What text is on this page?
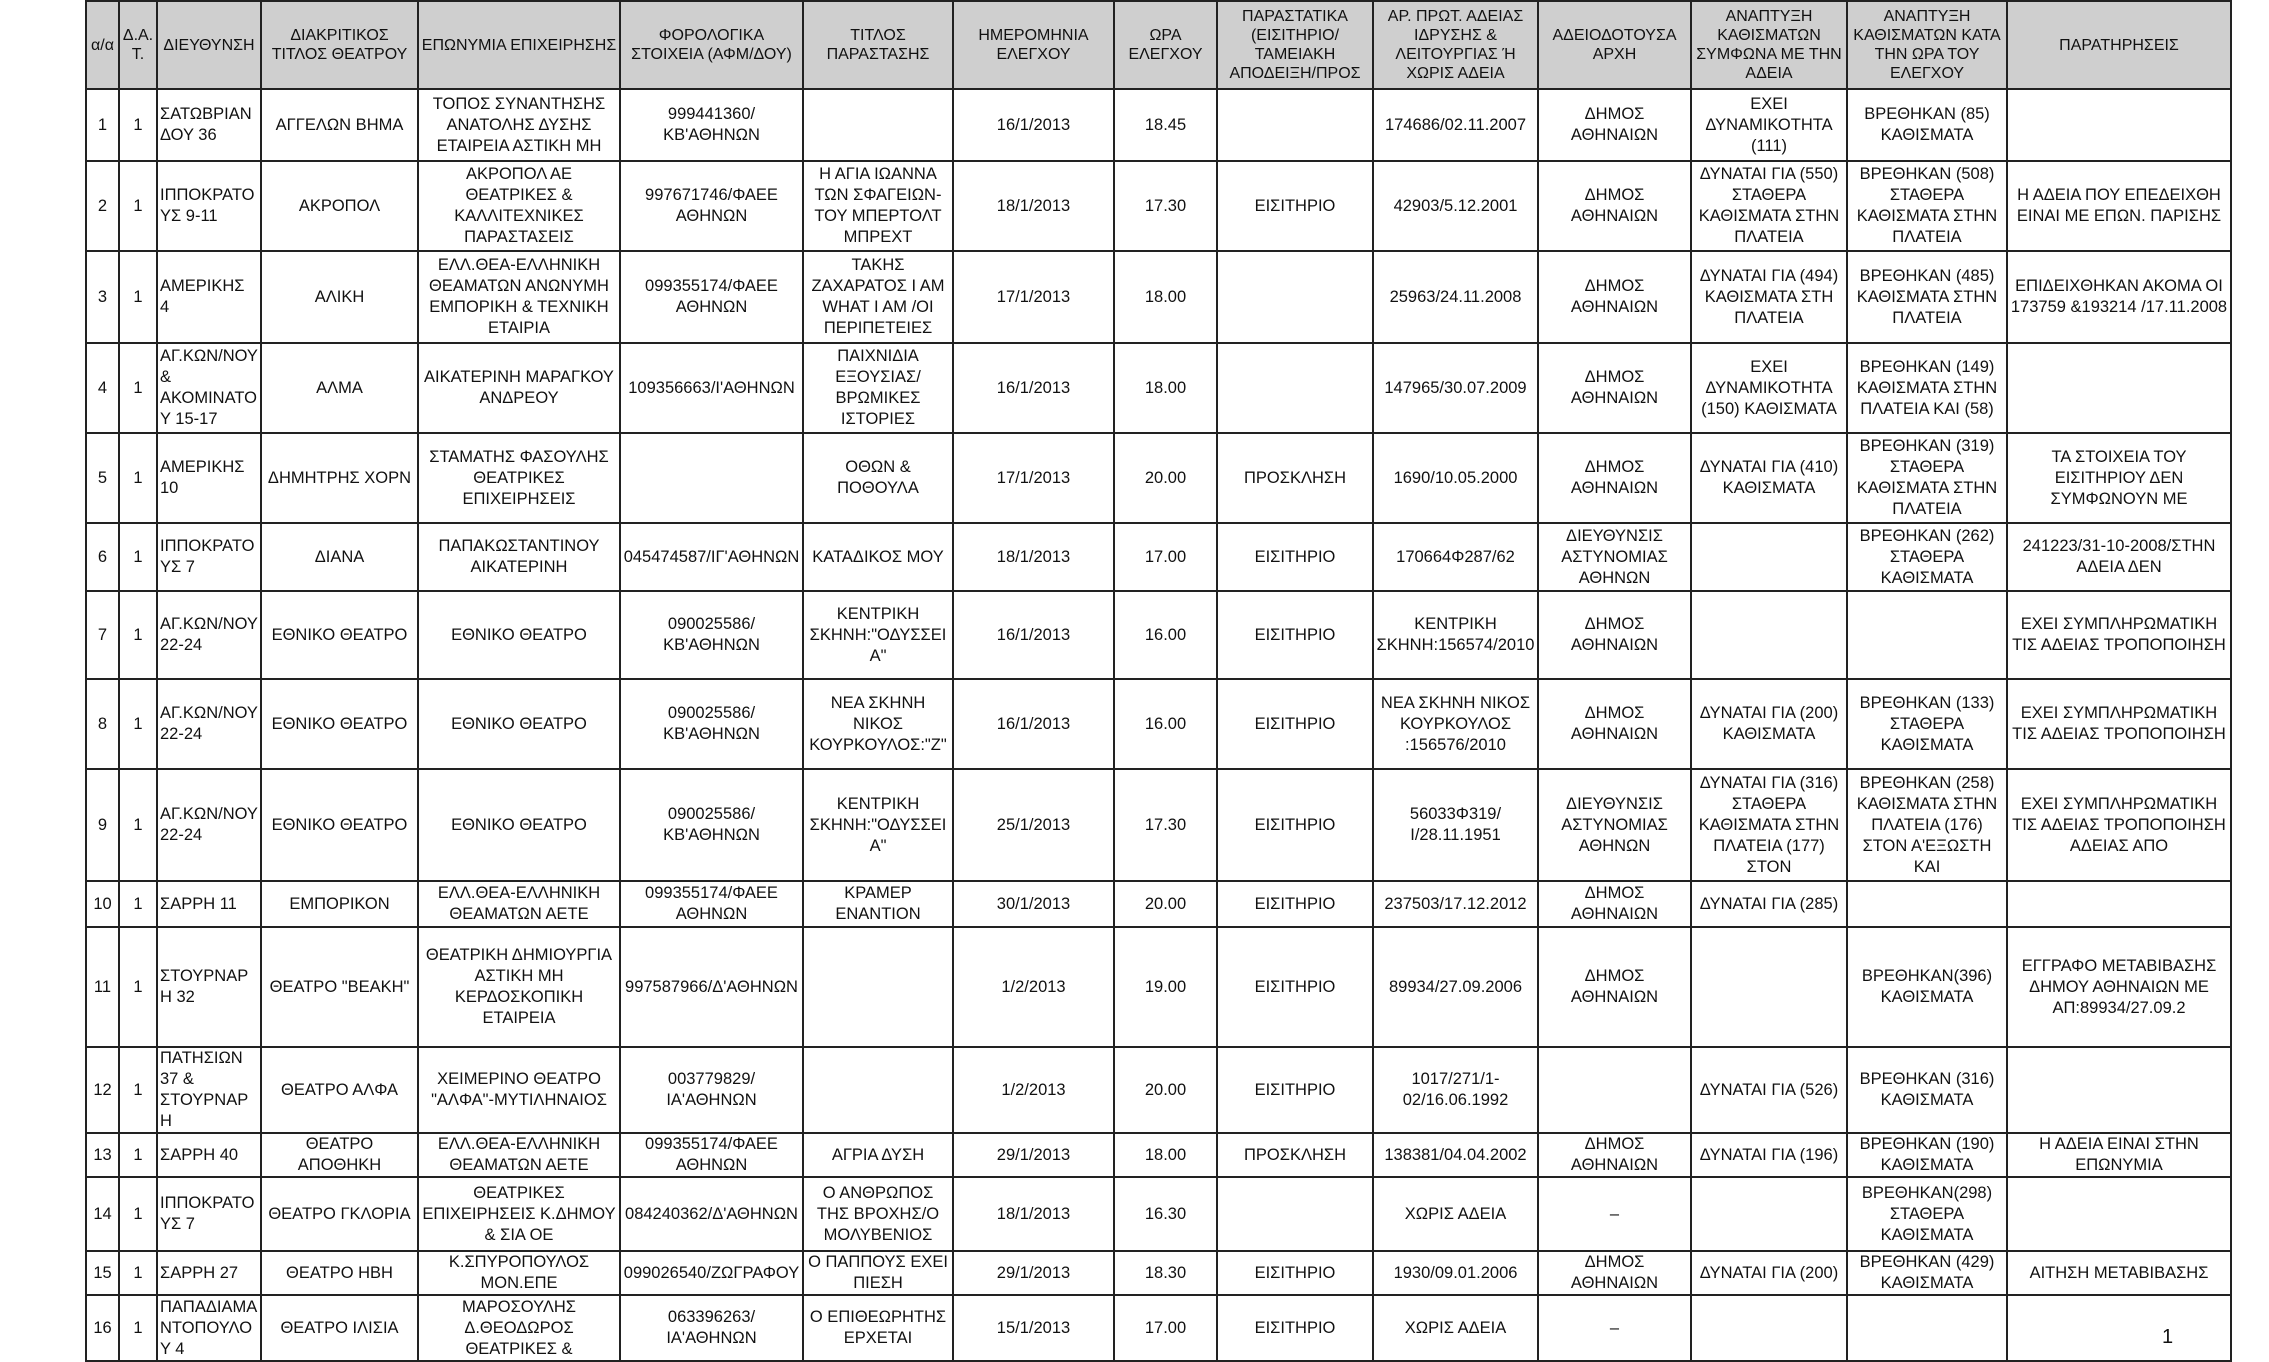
α/α	Δ.Α.Τ.	ΔΙΕΥΘΥΝΣΗ	ΔΙΑΚΡΙΤΙΚΟΣ ΤΙΤΛΟΣ ΘΕΑΤΡΟΥ	ΕΠΩΝΥΜΙΑ ΕΠΙΧΕΙΡΗΣΗΣ	ΦΟΡΟΛΟΓΙΚΑ ΣΤΟΙΧΕΙΑ (ΑΦΜ/ΔΟΥ)	ΤΙΤΛΟΣ ΠΑΡΑΣΤΑΣΗΣ	ΗΜΕΡΟΜΗΝΙΑ ΕΛΕΓΧΟΥ	ΩΡΑ ΕΛΕΓΧΟΥ	ΠΑΡΑΣΤΑΤΙΚΑ (ΕΙΣΙΤΗΡΙΟ/ΤΑΜΕΙΑΚΗ ΑΠΟΔΕΙΞΗ/ΠΡΟΣ	ΑΡ. ΠΡΩΤ. ΑΔΕΙΑΣ ΙΔΡΥΣΗΣ & ΛΕΙΤΟΥΡΓΙΑΣ Ή ΧΩΡΙΣ ΑΔΕΙΑ	ΑΔΕΙΟΔΟΤΟΥΣΑ ΑΡΧΗ	ΑΝΑΠΤΥΞΗ ΚΑΘΙΣΜΑΤΩΝ ΣΥΜΦΩΝΑ ΜΕ ΤΗΝ ΑΔΕΙΑ	ΑΝΑΠΤΥΞΗ ΚΑΘΙΣΜΑΤΩΝ ΚΑΤΑ ΤΗΝ ΩΡΑ ΤΟΥ ΕΛΕΓΧΟΥ	ΠΑΡΑΤΗΡΗΣΕΙΣ
1	1	ΣΑΤΩΒΡΙΑΝΔΟΥ 36	ΑΓΓΕΛΩΝ ΒΗΜΑ	ΤΟΠΟΣ ΣΥΝΑΝΤΗΣΗΣ ΑΝΑΤΟΛΗΣ ΔΥΣΗΣ ΕΤΑΙΡΕΙΑ ΑΣΤΙΚΗ ΜΗ	999441360/ΚΒ'ΑΘΗΝΩΝ		16/1/2013	18.45		174686/02.11.2007	ΔΗΜΟΣ ΑΘΗΝΑΙΩΝ	ΕΧΕΙ ΔΥΝΑΜΙΚΟΤΗΤΑ (111)	ΒΡΕΘΗΚΑΝ (85) ΚΑΘΙΣΜΑΤΑ	
2	1	ΙΠΠΟΚΡΑΤΟΥΣ 9-11	ΑΚΡΟΠΟΛ	ΑΚΡΟΠΟΛ ΑΕ ΘΕΑΤΡΙΚΕΣ & ΚΑΛΛΙΤΕΧΝΙΚΕΣ ΠΑΡΑΣΤΑΣΕΙΣ	997671746/ΦΑΕΕ ΑΘΗΝΩΝ	Η ΑΓΙΑ ΙΩΑΝΝΑ ΤΩΝ ΣΦΑΓΕΙΩΝ-ΤΟΥ ΜΠΕΡΤΟΛΤ ΜΠΡΕΧΤ	18/1/2013	17.30	ΕΙΣΙΤΗΡΙΟ	42903/5.12.2001	ΔΗΜΟΣ ΑΘΗΝΑΙΩΝ	ΔΥΝΑΤΑΙ ΓΙΑ (550) ΣΤΑΘΕΡΑ ΚΑΘΙΣΜΑΤΑ ΣΤΗΝ ΠΛΑΤΕΙΑ	ΒΡΕΘΗΚΑΝ (508) ΣΤΑΘΕΡΑ ΚΑΘΙΣΜΑΤΑ ΣΤΗΝ ΠΛΑΤΕΙΑ	Η ΑΔΕΙΑ ΠΟΥ ΕΠΕΔΕΙΧΘΗ ΕΙΝΑΙ ΜΕ ΕΠΩΝ. ΠΑΡΙΣΗΣ
3	1	ΑΜΕΡΙΚΗΣ 4	ΑΛΙΚΗ	ΕΛΛ.ΘΕΑ-ΕΛΛΗΝΙΚΗ ΘΕΑΜΑΤΩΝ ΑΝΩΝΥΜΗ ΕΜΠΟΡΙΚΗ & ΤΕΧΝΙΚΗ ΕΤΑΙΡΙΑ	099355174/ΦΑΕΕ ΑΘΗΝΩΝ	ΤΑΚΗΣ ΖΑΧΑΡΑΤΟΣ I AM WHAT I AM /ΟΙ ΠΕΡΙΠΕΤΕΙΕΣ	17/1/2013	18.00		25963/24.11.2008	ΔΗΜΟΣ ΑΘΗΝΑΙΩΝ	ΔΥΝΑΤΑΙ ΓΙΑ (494) ΚΑΘΙΣΜΑΤΑ ΣΤΗ ΠΛΑΤΕΙΑ	ΒΡΕΘΗΚΑΝ (485) ΚΑΘΙΣΜΑΤΑ ΣΤΗΝ ΠΛΑΤΕΙΑ	ΕΠΙΔΕΙΧΘΗΚΑΝ ΑΚΟΜΑ ΟΙ 173759 &193214 /17.11.2008
4	1	ΑΓ.ΚΩΝ/ΝΟΥ & ΑΚΟΜΙΝΑΤΟΥ 15-17	ΑΛΜΑ	ΑΙΚΑΤΕΡΙΝΗ ΜΑΡΑΓΚΟΥ ΑΝΔΡΕΟΥ	109356663/Ι'ΑΘΗΝΩΝ	ΠΑΙΧΝΙΔΙΑ ΕΞΟΥΣΙΑΣ/ΒΡΩΜΙΚΕΣ ΙΣΤΟΡΙΕΣ	16/1/2013	18.00		147965/30.07.2009	ΔΗΜΟΣ ΑΘΗΝΑΙΩΝ	ΕΧΕΙ ΔΥΝΑΜΙΚΟΤΗΤΑ (150) ΚΑΘΙΣΜΑΤΑ	ΒΡΕΘΗΚΑΝ (149) ΚΑΘΙΣΜΑΤΑ ΣΤΗΝ ΠΛΑΤΕΙΑ ΚΑΙ (58)	
5	1	ΑΜΕΡΙΚΗΣ 10	ΔΗΜΗΤΡΗΣ ΧΟΡΝ	ΣΤΑΜΑΤΗΣ ΦΑΣΟΥΛΗΣ ΘΕΑΤΡΙΚΕΣ ΕΠΙΧΕΙΡΗΣΕΙΣ		ΟΘΩΝ & ΠΟΘΟΥΛΑ	17/1/2013	20.00	ΠΡΟΣΚΛΗΣΗ	1690/10.05.2000	ΔΗΜΟΣ ΑΘΗΝΑΙΩΝ	ΔΥΝΑΤΑΙ ΓΙΑ (410) ΚΑΘΙΣΜΑΤΑ	ΒΡΕΘΗΚΑΝ (319) ΣΤΑΘΕΡΑ ΚΑΘΙΣΜΑΤΑ ΣΤΗΝ ΠΛΑΤΕΙΑ	ΤΑ ΣΤΟΙΧΕΙΑ ΤΟΥ ΕΙΣΙΤΗΡΙΟΥ ΔΕΝ ΣΥΜΦΩΝΟΥΝ ΜΕ
6	1	ΙΠΠΟΚΡΑΤΟΥΣ 7	ΔΙΑΝΑ	ΠΑΠΑΚΩΣΤΑΝΤΙΝΟΥ ΑΙΚΑΤΕΡΙΝΗ	045474587/ΙΓ'ΑΘΗΝΩΝ	ΚΑΤΑΔΙΚΟΣ ΜΟΥ	18/1/2013	17.00	ΕΙΣΙΤΗΡΙΟ	170664Φ287/62	ΔΙΕΥΘΥΝΣΙΣ ΑΣΤΥΝΟΜΙΑΣ ΑΘΗΝΩΝ		ΒΡΕΘΗΚΑΝ (262) ΣΤΑΘΕΡΑ ΚΑΘΙΣΜΑΤΑ	241223/31-10-2008/ΣΤΗΝ ΑΔΕΙΑ ΔΕΝ
7	1	ΑΓ.ΚΩΝ/ΝΟΥ 22-24	ΕΘΝΙΚΟ ΘΕΑΤΡΟ	ΕΘΝΙΚΟ ΘΕΑΤΡΟ	090025586/ΚΒ'ΑΘΗΝΩΝ	ΚΕΝΤΡΙΚΗ ΣΚΗΝΗ:"ΟΔΥΣΣΕΙΑ"	16/1/2013	16.00	ΕΙΣΙΤΗΡΙΟ	ΚΕΝΤΡΙΚΗ ΣΚΗΝΗ:156574/2010	ΔΗΜΟΣ ΑΘΗΝΑΙΩΝ			ΕΧΕΙ ΣΥΜΠΛΗΡΩΜΑΤΙΚΗ ΤΙΣ ΑΔΕΙΑΣ ΤΡΟΠΟΠΟΙΗΣΗ
8	1	ΑΓ.ΚΩΝ/ΝΟΥ 22-24	ΕΘΝΙΚΟ ΘΕΑΤΡΟ	ΕΘΝΙΚΟ ΘΕΑΤΡΟ	090025586/ΚΒ'ΑΘΗΝΩΝ	ΝΕΑ ΣΚΗΝΗ ΝΙΚΟΣ ΚΟΥΡΚΟΥΛΟΣ:"Ζ"	16/1/2013	16.00	ΕΙΣΙΤΗΡΙΟ	ΝΕΑ ΣΚΗΝΗ ΝΙΚΟΣ ΚΟΥΡΚΟΥΛΟΣ :156576/2010	ΔΗΜΟΣ ΑΘΗΝΑΙΩΝ	ΔΥΝΑΤΑΙ ΓΙΑ (200) ΚΑΘΙΣΜΑΤΑ	ΒΡΕΘΗΚΑΝ (133) ΣΤΑΘΕΡΑ ΚΑΘΙΣΜΑΤΑ	ΕΧΕΙ ΣΥΜΠΛΗΡΩΜΑΤΙΚΗ ΤΙΣ ΑΔΕΙΑΣ ΤΡΟΠΟΠΟΙΗΣΗ
9	1	ΑΓ.ΚΩΝ/ΝΟΥ 22-24	ΕΘΝΙΚΟ ΘΕΑΤΡΟ	ΕΘΝΙΚΟ ΘΕΑΤΡΟ	090025586/ΚΒ'ΑΘΗΝΩΝ	ΚΕΝΤΡΙΚΗ ΣΚΗΝΗ:"ΟΔΥΣΣΕΙΑ"	25/1/2013	17.30	ΕΙΣΙΤΗΡΙΟ	56033Φ319/Ι/28.11.1951	ΔΙΕΥΘΥΝΣΙΣ ΑΣΤΥΝΟΜΙΑΣ ΑΘΗΝΩΝ	ΔΥΝΑΤΑΙ ΓΙΑ (316) ΣΤΑΘΕΡΑ ΚΑΘΙΣΜΑΤΑ ΣΤΗΝ ΠΛΑΤΕΙΑ (177) ΣΤΟΝ	ΒΡΕΘΗΚΑΝ (258) ΚΑΘΙΣΜΑΤΑ ΣΤΗΝ ΠΛΑΤΕΙΑ (176) ΣΤΟΝ Α'ΕΞΩΣΤΗ ΚΑΙ	ΕΧΕΙ ΣΥΜΠΛΗΡΩΜΑΤΙΚΗ ΤΙΣ ΑΔΕΙΑΣ ΤΡΟΠΟΠΟΙΗΣΗ ΑΔΕΙΑΣ ΑΠΟ
10	1	ΣΑΡΡΗ 11	ΕΜΠΟΡΙΚΟΝ	ΕΛΛ.ΘΕΑ-ΕΛΛΗΝΙΚΗ ΘΕΑΜΑΤΩΝ ΑΕΤΕ	099355174/ΦΑΕΕ ΑΘΗΝΩΝ	ΚΡΑΜΕΡ ΕΝΑΝΤΙΟΝ	30/1/2013	20.00	ΕΙΣΙΤΗΡΙΟ	237503/17.12.2012	ΔΗΜΟΣ ΑΘΗΝΑΙΩΝ	ΔΥΝΑΤΑΙ ΓΙΑ (285)		
11	1	ΣΤΟΥΡΝΑΡΗ 32	ΘΕΑΤΡΟ "ΒΕΑΚΗ"	ΘΕΑΤΡΙΚΗ ΔΗΜΙΟΥΡΓΙΑ ΑΣΤΙΚΗ ΜΗ ΚΕΡΔΟΣΚΟΠΙΚΗ ΕΤΑΙΡΕΙΑ	997587966/Δ'ΑΘΗΝΩΝ		1/2/2013	19.00	ΕΙΣΙΤΗΡΙΟ	89934/27.09.2006	ΔΗΜΟΣ ΑΘΗΝΑΙΩΝ		ΒΡΕΘΗΚΑΝ(396) ΚΑΘΙΣΜΑΤΑ	ΕΓΓΡΑΦΟ ΜΕΤΑΒΙΒΑΣΗΣ ΔΗΜΟΥ ΑΘΗΝΑΙΩΝ ΜΕ ΑΠ:89934/27.09.2
12	1	ΠΑΤΗΣΙΩΝ 37 & ΣΤΟΥΡΝΑΡΗ	ΘΕΑΤΡΟ ΑΛΦΑ	ΧΕΙΜΕΡΙΝΟ ΘΕΑΤΡΟ "ΑΛΦΑ"-ΜΥΤΙΛΗΝΑΙΟΣ	003779829/ΙΑ'ΑΘΗΝΩΝ		1/2/2013	20.00	ΕΙΣΙΤΗΡΙΟ	1017/271/1-02/16.06.1992		ΔΥΝΑΤΑΙ ΓΙΑ (526)	ΒΡΕΘΗΚΑΝ (316) ΚΑΘΙΣΜΑΤΑ	
13	1	ΣΑΡΡΗ 40	ΘΕΑΤΡΟ ΑΠΟΘΗΚΗ	ΕΛΛ.ΘΕΑ-ΕΛΛΗΝΙΚΗ ΘΕΑΜΑΤΩΝ ΑΕΤΕ	099355174/ΦΑΕΕ ΑΘΗΝΩΝ	ΑΓΡΙΑ ΔΥΣΗ	29/1/2013	18.00	ΠΡΟΣΚΛΗΣΗ	138381/04.04.2002	ΔΗΜΟΣ ΑΘΗΝΑΙΩΝ	ΔΥΝΑΤΑΙ ΓΙΑ (196)	ΒΡΕΘΗΚΑΝ (190) ΚΑΘΙΣΜΑΤΑ	Η ΑΔΕΙΑ ΕΙΝΑΙ ΣΤΗΝ ΕΠΩΝΥΜΙΑ
14	1	ΙΠΠΟΚΡΑΤΟΥΣ 7	ΘΕΑΤΡΟ ΓΚΛΟΡΙΑ	ΘΕΑΤΡΙΚΕΣ ΕΠΙΧΕΙΡΗΣΕΙΣ Κ.ΔΗΜΟΥ & ΣΙΑ ΟΕ	084240362/Δ'ΑΘΗΝΩΝ	Ο ΑΝΘΡΩΠΟΣ ΤΗΣ ΒΡΟΧΗΣ/Ο ΜΟΛΥΒΕΝΙΟΣ	18/1/2013	16.30		ΧΩΡΙΣ ΑΔΕΙΑ	–		ΒΡΕΘΗΚΑΝ(298) ΣΤΑΘΕΡΑ ΚΑΘΙΣΜΑΤΑ	
15	1	ΣΑΡΡΗ 27	ΘΕΑΤΡΟ ΗΒΗ	Κ.ΣΠΥΡΟΠΟΥΛΟΣ ΜΟΝ.ΕΠΕ	099026540/ΖΩΓΡΑΦΟΥ	Ο ΠΑΠΠΟΥΣ ΕΧΕΙ ΠΙΕΣΗ	29/1/2013	18.30	ΕΙΣΙΤΗΡΙΟ	1930/09.01.2006	ΔΗΜΟΣ ΑΘΗΝΑΙΩΝ	ΔΥΝΑΤΑΙ ΓΙΑ (200)	ΒΡΕΘΗΚΑΝ (429) ΚΑΘΙΣΜΑΤΑ	ΑΙΤΗΣΗ ΜΕΤΑΒΙΒΑΣΗΣ
16	1	ΠΑΠΑΔΙΑΜΑΝΤΟΠΟΥΛΟΥ 4	ΘΕΑΤΡΟ ΙΛΙΣΙΑ	ΜΑΡΟΣΟΥΛΗΣ Δ.ΘΕΟΔΩΡΟΣ ΘΕΑΤΡΙΚΕΣ &	063396263/ΙΑ'ΑΘΗΝΩΝ	Ο ΕΠΙΘΕΩΡΗΤΗΣ ΕΡΧΕΤΑΙ	15/1/2013	17.00	ΕΙΣΙΤΗΡΙΟ	ΧΩΡΙΣ ΑΔΕΙΑ	–				1
